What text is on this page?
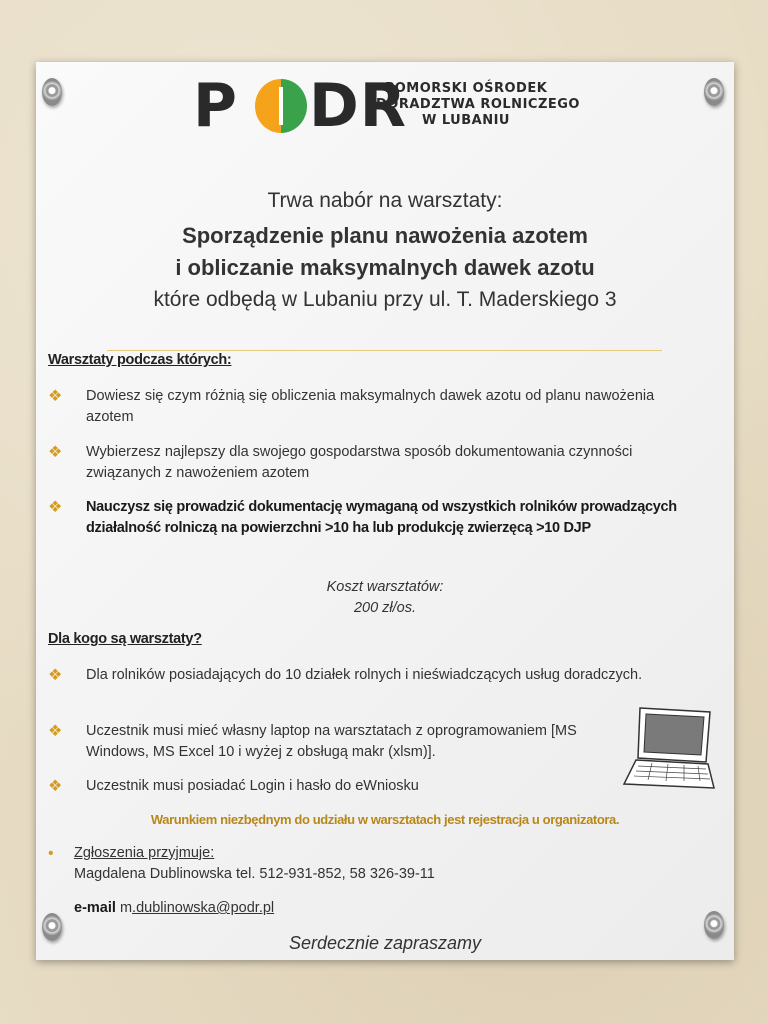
P DR
POMORSKI OŚRODEK
DORADZTWA ROLNICZEGO
W LUBANIU
Trwa nabór na warsztaty:
Sporządzenie planu nawożenia azotem
i obliczanie maksymalnych dawek azotu
które odbędą w Lubaniu przy ul. T. Maderskiego 3
Warsztaty podczas których:
❖ Dowiesz się czym różnią się obliczenia maksymalnych dawek azotu od planu nawożenia azotem
❖ Wybierzesz najlepszy dla swojego gospodarstwa sposób dokumentowania czynności związanych z nawożeniem azotem
❖ Nauczysz się prowadzić dokumentację wymaganą od wszystkich rolników prowadzących działalność rolniczą na powierzchni >10 ha lub produkcję zwierzęcą >10 DJP
Koszt warsztatów:
200 zł/os.
Dla kogo są warsztaty?
❖ Dla rolników posiadających do 10 działek rolnych i nieświadczących usług doradczych.
❖ Uczestnik musi mieć własny laptop na warsztatach z oprogramowaniem [MS Windows, MS Excel 10 i wyżej z obsługą makr (xlsm)].
❖ Uczestnik musi posiadać Login i hasło do eWniosku
Warunkiem niezbędnym do udziału w warsztatach jest rejestracja u organizatora.
• Zgłoszenia przyjmuje:
Magdalena Dublinowska tel. 512-931-852, 58 326-39-11
e-mail m.dublinowska@podr.pl
Serdecznie zapraszamy
